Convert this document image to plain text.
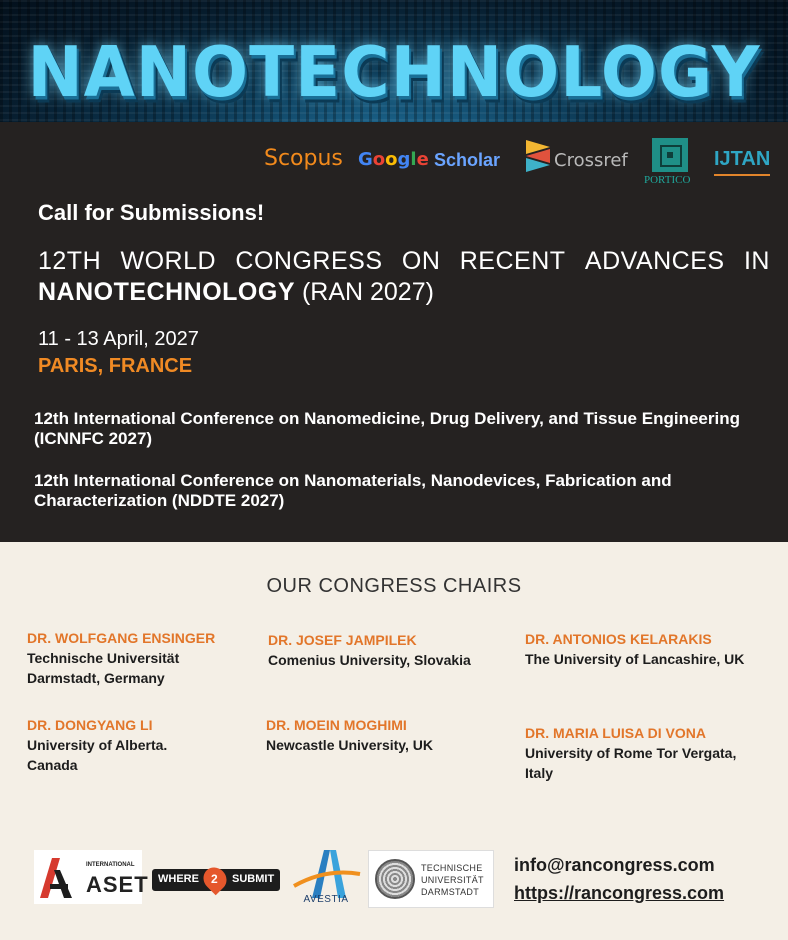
NANOTECHNOLOGY
Scopus Google Scholar	Crossref
PORTICO
IJTAN
Call for Submissions!
12TH WORLD CONGRESS ON RECENT ADVANCES IN
NANOTECHNOLOGY (RAN 2027)
11 - 13 April, 2027
PARIS, FRANCE
12th International Conference on Nanomedicine, Drug Delivery, and Tissue Engineering (ICNNFC 2027)
12th International Conference on Nanomaterials, Nanodevices, Fabrication and Characterization (NDDTE 2027)
OUR CONGRESS CHAIRS
DR. WOLFGANG ENSINGER
Technische Universität Darmstadt, Germany
DR. JOSEF JAMPILEK
Comenius University, Slovakia
DR. ANTONIOS KELARAKIS
The University of Lancashire, UK
DR. DONGYANG LI
University of Alberta. Canada
DR. MOEIN MOGHIMI
Newcastle University, UK
DR. MARIA LUISA DI VONA
University of Rome Tor Vergata, Italy
INTERNATIONAL
ASET WHERE 2 SUBMIT
AVESTIA
TECHNISCHE
UNIVERSITÄT
DARMSTADT
info@rancongress.com
https://rancongress.com
